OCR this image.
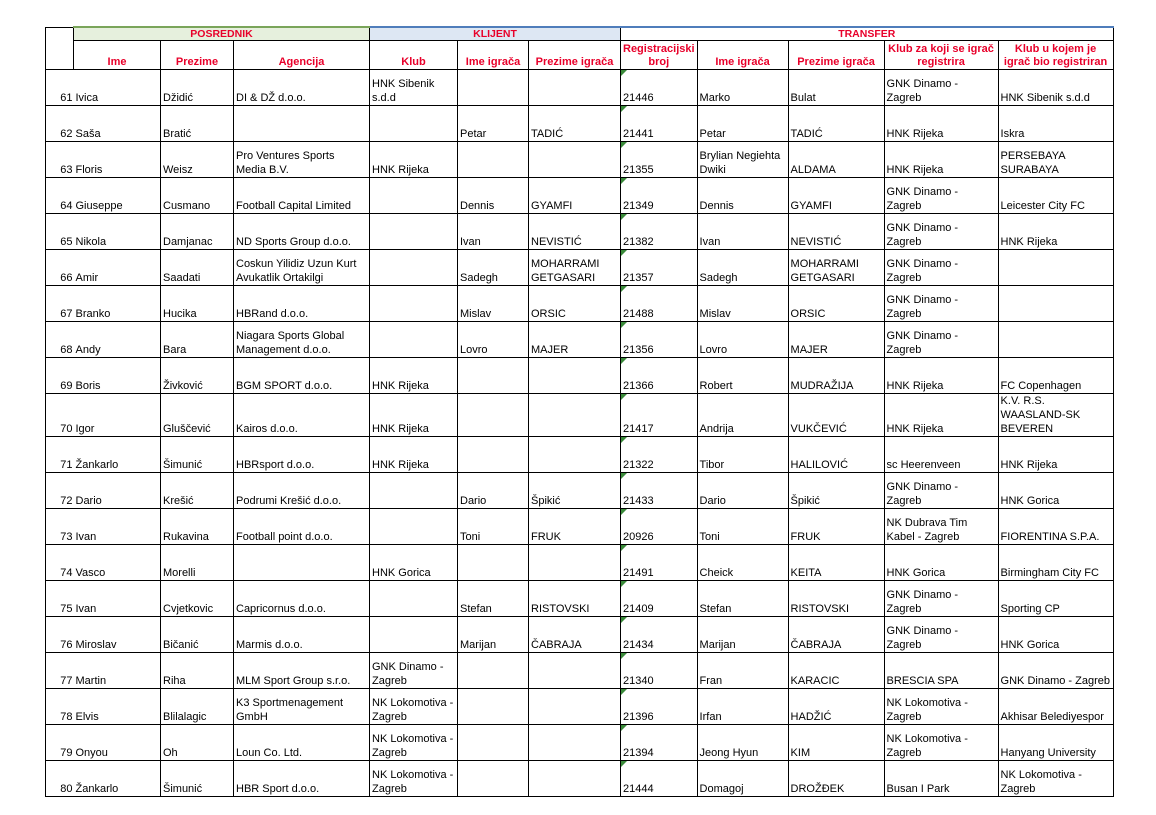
	POSREDNIK			KLIJENT			TRANSFER				
	Ime	Prezime	Agencija	Klub	Ime igrača	Prezime igrača	Registracijski broj	Ime igrača	Prezime igrača	Klub za koji se igrač registrira	Klub u kojem je igrač bio registriran
61	Ivica	Džidić	DI & DŽ d.o.o.	HNK Sibenik s.d.d			21446	Marko	Bulat	GNK Dinamo - Zagreb	HNK Sibenik s.d.d
62	Saša	Bratić			Petar	TADIĆ	21441	Petar	TADIĆ	HNK Rijeka	Iskra
63	Floris	Weisz	Pro Ventures Sports Media B.V.	HNK Rijeka			21355	Brylian Negiehta Dwiki	ALDAMA	HNK Rijeka	PERSEBAYA SURABAYA
64	Giuseppe	Cusmano	Football Capital Limited		Dennis	GYAMFI	21349	Dennis	GYAMFI	GNK Dinamo - Zagreb	Leicester City FC
65	Nikola	Damjanac	ND Sports Group d.o.o.		Ivan	NEVISTIĆ	21382	Ivan	NEVISTIĆ	GNK Dinamo - Zagreb	HNK Rijeka
66	Amir	Saadati	Coskun Yilidiz Uzun Kurt Avukatlik Ortakilgi		Sadegh	MOHARRAMI GETGASARI	21357	Sadegh	MOHARRAMI GETGASARI	GNK Dinamo - Zagreb	
67	Branko	Hucika	HBRand d.o.o.		Mislav	ORSIC	21488	Mislav	ORSIC	GNK Dinamo - Zagreb	
68	Andy	Bara	Niagara Sports Global Management d.o.o.		Lovro	MAJER	21356	Lovro	MAJER	GNK Dinamo - Zagreb	
69	Boris	Živković	BGM SPORT d.o.o.	HNK Rijeka			21366	Robert	MUDRAŽIJA	HNK Rijeka	FC Copenhagen
70	Igor	Gluščević	Kairos d.o.o.	HNK Rijeka			21417	Andrija	VUKČEVIĆ	HNK Rijeka	K.V. R.S. WAASLAND-SK BEVEREN
71	Žankarlo	Šimunić	HBRsport d.o.o.	HNK Rijeka			21322	Tibor	HALILOVIĆ	sc Heerenveen	HNK Rijeka
72	Dario	Krešić	Podrumi Krešić d.o.o.		Dario	Špikić	21433	Dario	Špikić	GNK Dinamo - Zagreb	HNK Gorica
73	Ivan	Rukavina	Football point d.o.o.		Toni	FRUK	20926	Toni	FRUK	NK Dubrava Tim Kabel - Zagreb	FIORENTINA S.P.A.
74	Vasco	Morelli		HNK Gorica			21491	Cheick	KEITA	HNK Gorica	Birmingham City FC
75	Ivan	Cvjetkovic	Capricornus d.o.o.		Stefan	RISTOVSKI	21409	Stefan	RISTOVSKI	GNK Dinamo - Zagreb	Sporting CP
76	Miroslav	Bičanić	Marmis d.o.o.		Marijan	ČABRAJA	21434	Marijan	ČABRAJA	GNK Dinamo - Zagreb	HNK Gorica
77	Martin	Riha	MLM Sport Group s.r.o.	GNK Dinamo - Zagreb			21340	Fran	KARACIC	BRESCIA SPA	GNK Dinamo - Zagreb
78	Elvis	Blilalagic	K3 Sportmenagement GmbH	NK Lokomotiva - Zagreb			21396	Irfan	HADŽIĆ	NK Lokomotiva - Zagreb	Akhisar Belediyespor
79	Onyou	Oh	Loun Co. Ltd.	NK Lokomotiva - Zagreb			21394	Jeong Hyun	KIM	NK Lokomotiva - Zagreb	Hanyang University
80	Žankarlo	Šimunić	HBR Sport d.o.o.	NK Lokomotiva - Zagreb			21444	Domagoj	DROŽĐEK	Busan I Park	NK Lokomotiva - Zagreb
